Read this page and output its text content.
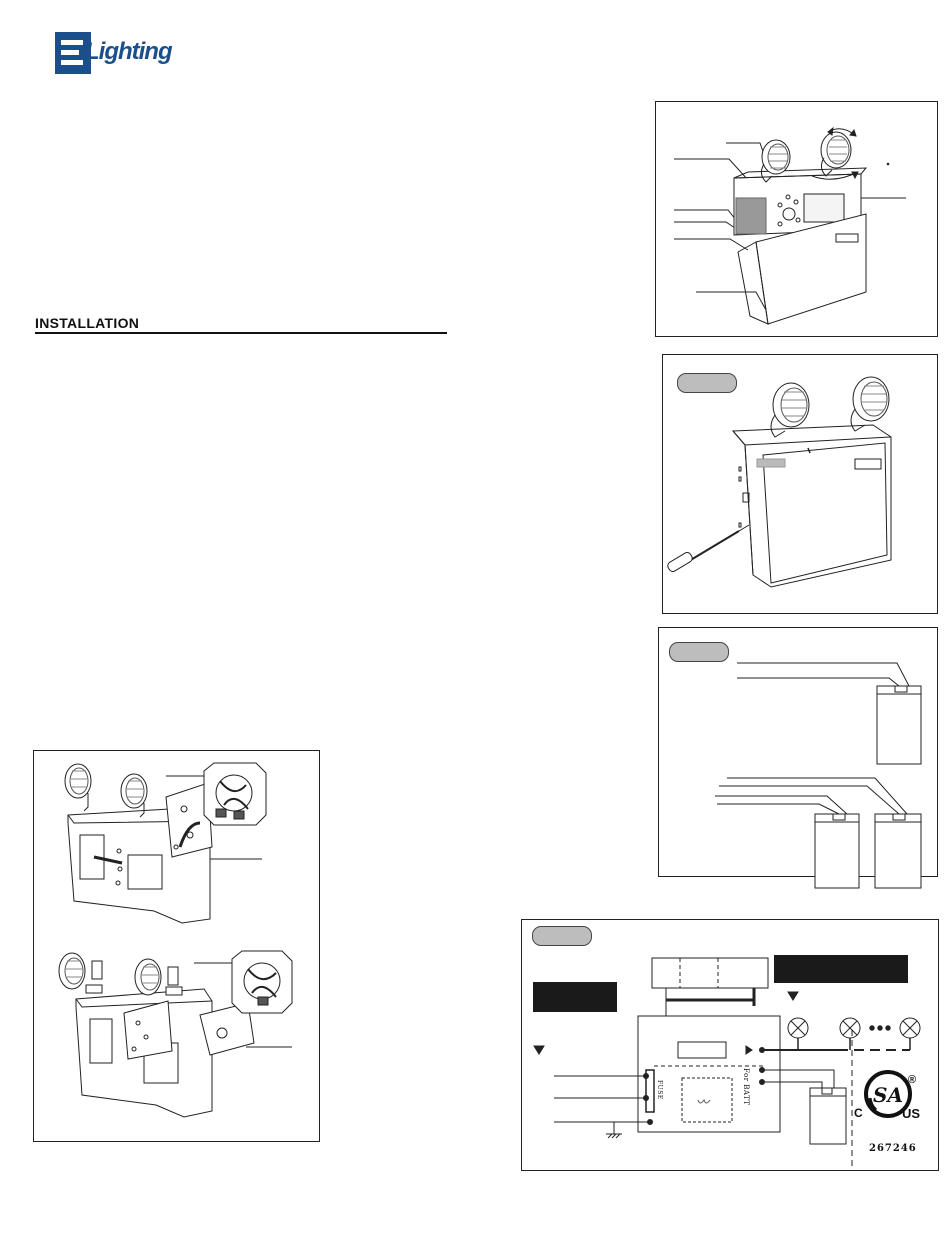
Lighting
INSTALLATION
FUSE	For BATT	SA
C	US
®
267246
